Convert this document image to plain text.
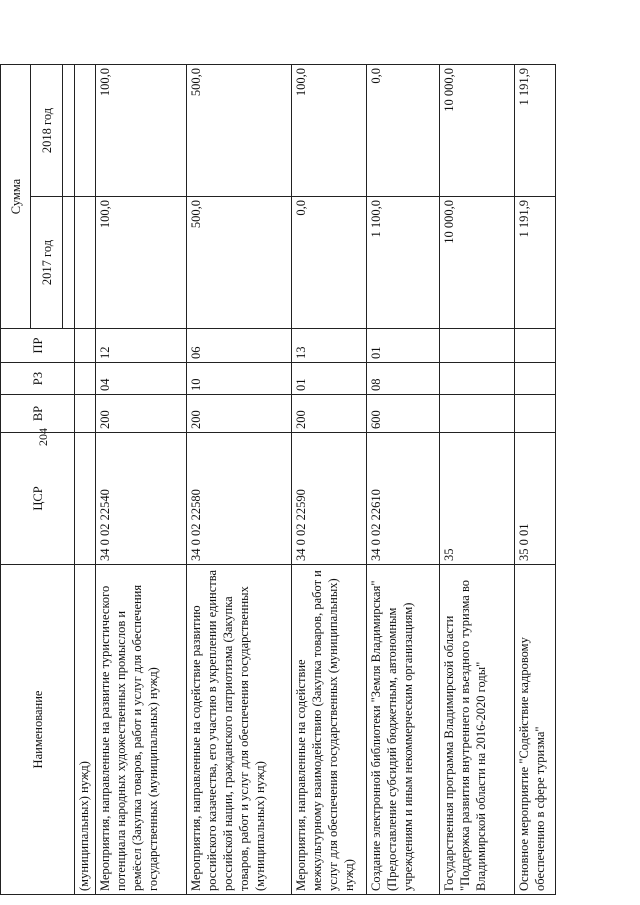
204
Наименование	ЦСР	ВР	РЗ	ПР	Сумма	
					2017 год	2018 год

(муниципальных) нужд)						
Мероприятия, направленные на развитие туристического потенциала народных художественных промыслов и ремёсел (Закупка товаров, работ и услуг для обеспечения государственных (муниципальных) нужд)	34 0 02 22540	200	04	12	100,0	100,0
Мероприятия, направленные на содействие развитию российского казачества, его участию в укреплении единства российской нации, гражданского патриотизма (Закупка товаров, работ и услуг для обеспечения государственных (муниципальных) нужд)	34 0 02 22580	200	10	06	500,0	500,0
Мероприятия, направленные на содействие межкультурному взаимодействию (Закупка товаров, работ и услуг для обеспечения государственных (муниципальных) нужд)	34 0 02 22590	200	01	13	0,0	100,0
Создание электронной библиотеки "Земля Владимирская" (Предоставление субсидий бюджетным, автономным учреждениям и иным некоммерческим организациям)	34 0 02 22610	600	08	01	1 100,0	0,0
Государственная программа Владимирской области "Поддержка развития внутреннего и въездного туризма во Владимирской области на 2016-2020 годы"	35				10 000,0	10 000,0
Основное мероприятие "Содействие кадровому обеспечению в сфере туризма"	35 0 01				1 191,9	1 191,9
